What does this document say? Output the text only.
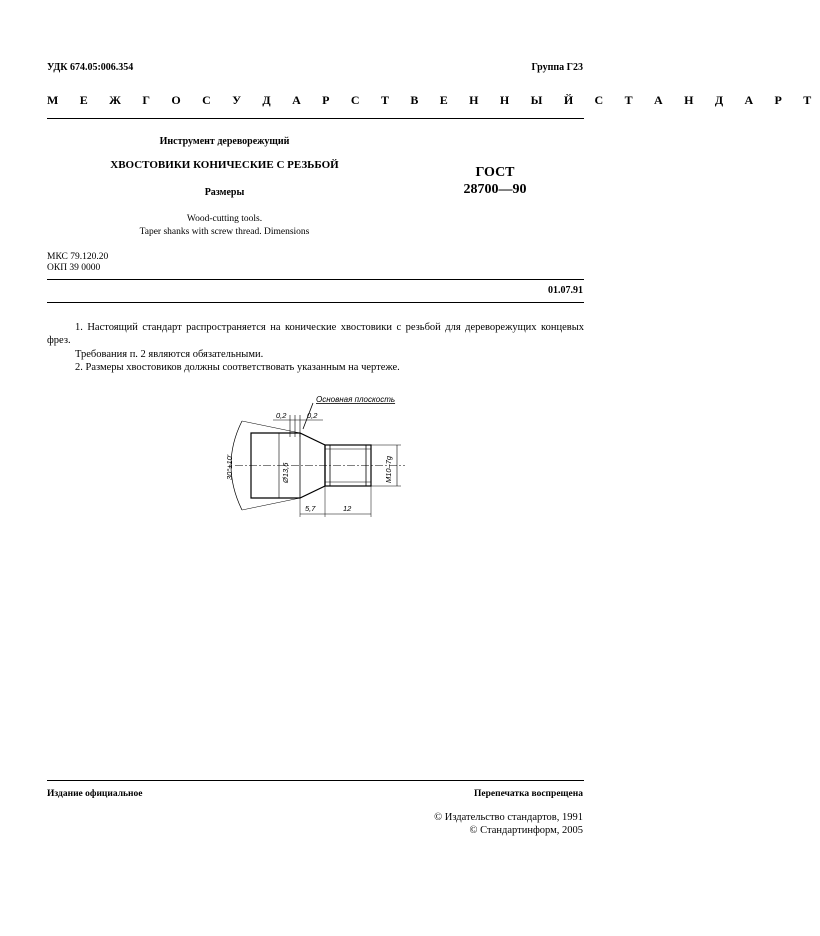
УДК 674.05:006.354	Группа Г23
М Е Ж Г О С У Д А Р С Т В Е Н Н Ы Й С Т А Н Д А Р Т
Инструмент дереворежущий
ХВОСТОВИКИ КОНИЧЕСКИЕ С РЕЗЬБОЙ
Размеры
ГОСТ
28700—90
Wood-cutting tools.
Taper shanks with screw thread. Dimensions
МКС 79.120.20
ОКП 39 0000
01.07.91
1. Настоящий стандарт распространяется на конические хвостовики с резьбой для дереворежущих концевых фрез.
Требования п. 2 являются обязательными.
2. Размеры хвостовиков должны соответствовать указанным на чертеже.
Основная плоскость
0,2	0,2
30°±10'	Ø13,6	M10–7g
5,7	12
Издание официальное	Перепечатка воспрещена
© Издательство стандартов, 1991
© Стандартинформ, 2005
